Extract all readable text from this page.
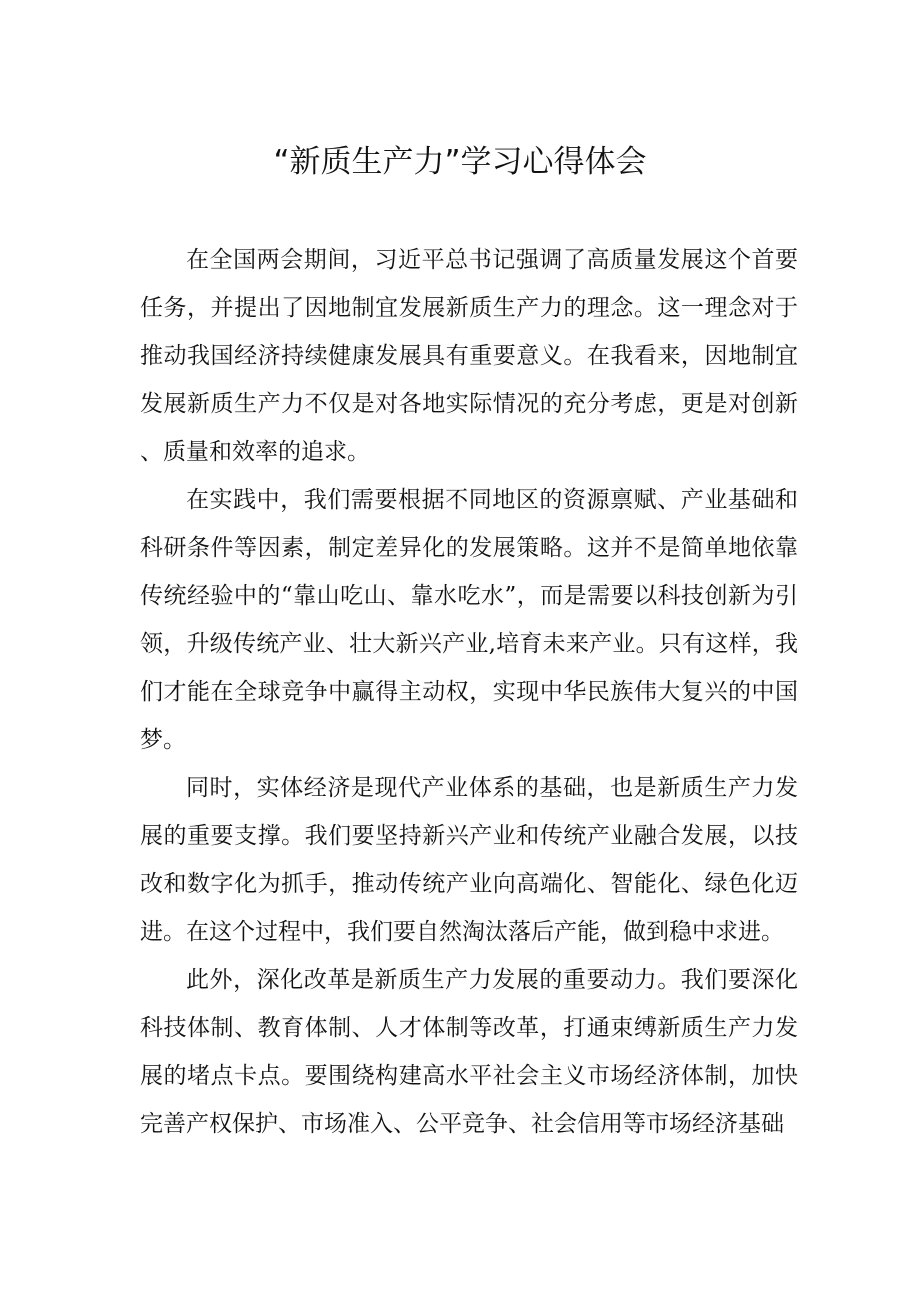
“新质生产力”学习心得体会

在全国两会期间，习近平总书记强调了高质量发展这个首要任务，并提出了因地制宜发展新质生产力的理念。这一理念对于推动我国经济持续健康发展具有重要意义。在我看来，因地制宜发展新质生产力不仅是对各地实际情况的充分考虑，更是对创新、质量和效率的追求。

在实践中，我们需要根据不同地区的资源禀赋、产业基础和科研条件等因素，制定差异化的发展策略。这并不是简单地依靠传统经验中的“靠山吃山、靠水吃水”，而是需要以科技创新为引领，升级传统产业、壮大新兴产业,培育未来产业。只有这样，我们才能在全球竞争中赢得主动权，实现中华民族伟大复兴的中国梦。

同时，实体经济是现代产业体系的基础，也是新质生产力发展的重要支撑。我们要坚持新兴产业和传统产业融合发展，以技改和数字化为抓手，推动传统产业向高端化、智能化、绿色化迈进。在这个过程中，我们要自然淘汰落后产能，做到稳中求进。

此外，深化改革是新质生产力发展的重要动力。我们要深化科技体制、教育体制、人才体制等改革，打通束缚新质生产力发展的堵点卡点。要围绕构建高水平社会主义市场经济体制，加快完善产权保护、市场准入、公平竞争、社会信用等市场经济基础
